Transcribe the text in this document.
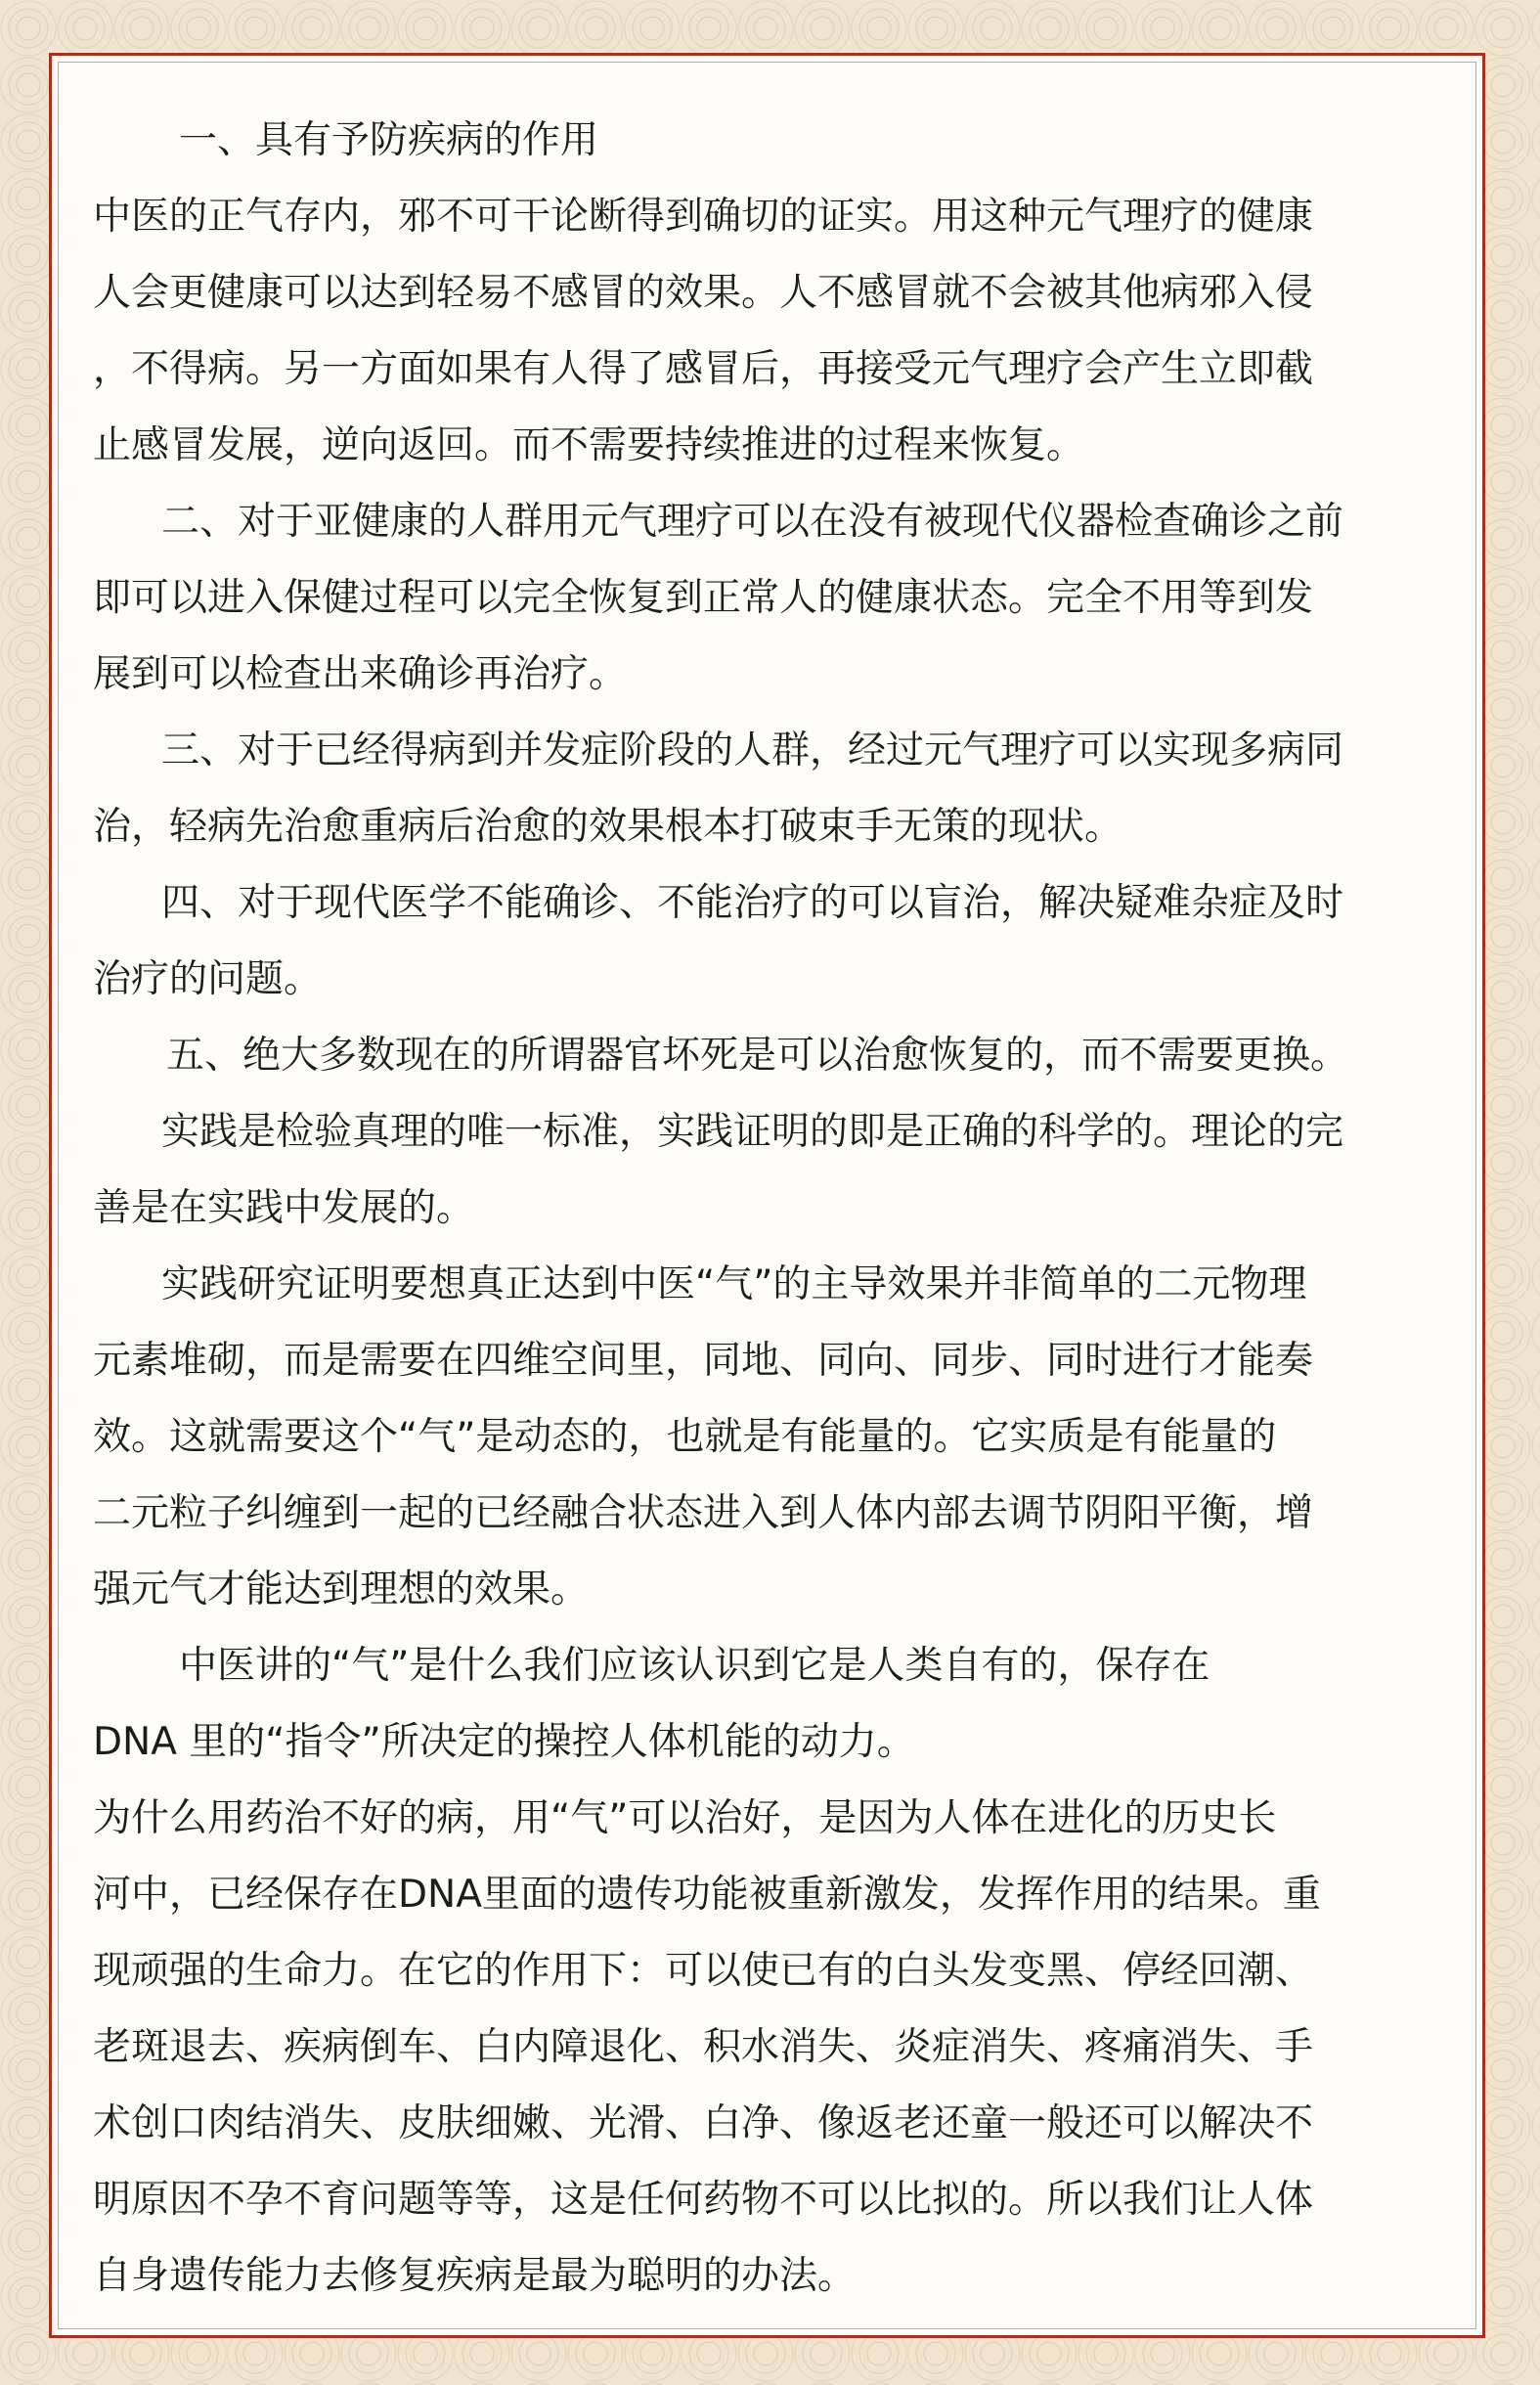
一、具有予防疾病的作用
中医的正气存内，邪不可干论断得到确切的证实。用这种元气理疗的健康
人会更健康可以达到轻易不感冒的效果。人不感冒就不会被其他病邪入侵
，不得病。另一方面如果有人得了感冒后，再接受元气理疗会产生立即截
止感冒发展，逆向返回。而不需要持续推进的过程来恢复。
二、对于亚健康的人群用元气理疗可以在没有被现代仪器检查确诊之前
即可以进入保健过程可以完全恢复到正常人的健康状态。完全不用等到发
展到可以检查出来确诊再治疗。
三、对于已经得病到并发症阶段的人群，经过元气理疗可以实现多病同
治，轻病先治愈重病后治愈的效果根本打破束手无策的现状。
四、对于现代医学不能确诊、不能治疗的可以盲治，解决疑难杂症及时
治疗的问题。
五、绝大多数现在的所谓器官坏死是可以治愈恢复的，而不需要更换。
实践是检验真理的唯一标准，实践证明的即是正确的科学的。理论的完
善是在实践中发展的。
实践研究证明要想真正达到中医“气”的主导效果并非简单的二元物理
元素堆砌，而是需要在四维空间里，同地、同向、同步、同时进行才能奏
效。这就需要这个“气”是动态的，也就是有能量的。它实质是有能量的
二元粒子纠缠到一起的已经融合状态进入到人体内部去调节阴阳平衡，增
强元气才能达到理想的效果。
中医讲的“气”是什么我们应该认识到它是人类自有的，保存在
DNA 里的“指令”所决定的操控人体机能的动力。
为什么用药治不好的病，用“气”可以治好，是因为人体在进化的历史长
河中，已经保存在DNA里面的遗传功能被重新激发，发挥作用的结果。重
现顽强的生命力。在它的作用下：可以使已有的白头发变黑、停经回潮、
老斑退去、疾病倒车、白内障退化、积水消失、炎症消失、疼痛消失、手
术创口肉结消失、皮肤细嫩、光滑、白净、像返老还童一般还可以解决不
明原因不孕不育问题等等，这是任何药物不可以比拟的。所以我们让人体
自身遗传能力去修复疾病是最为聪明的办法。
